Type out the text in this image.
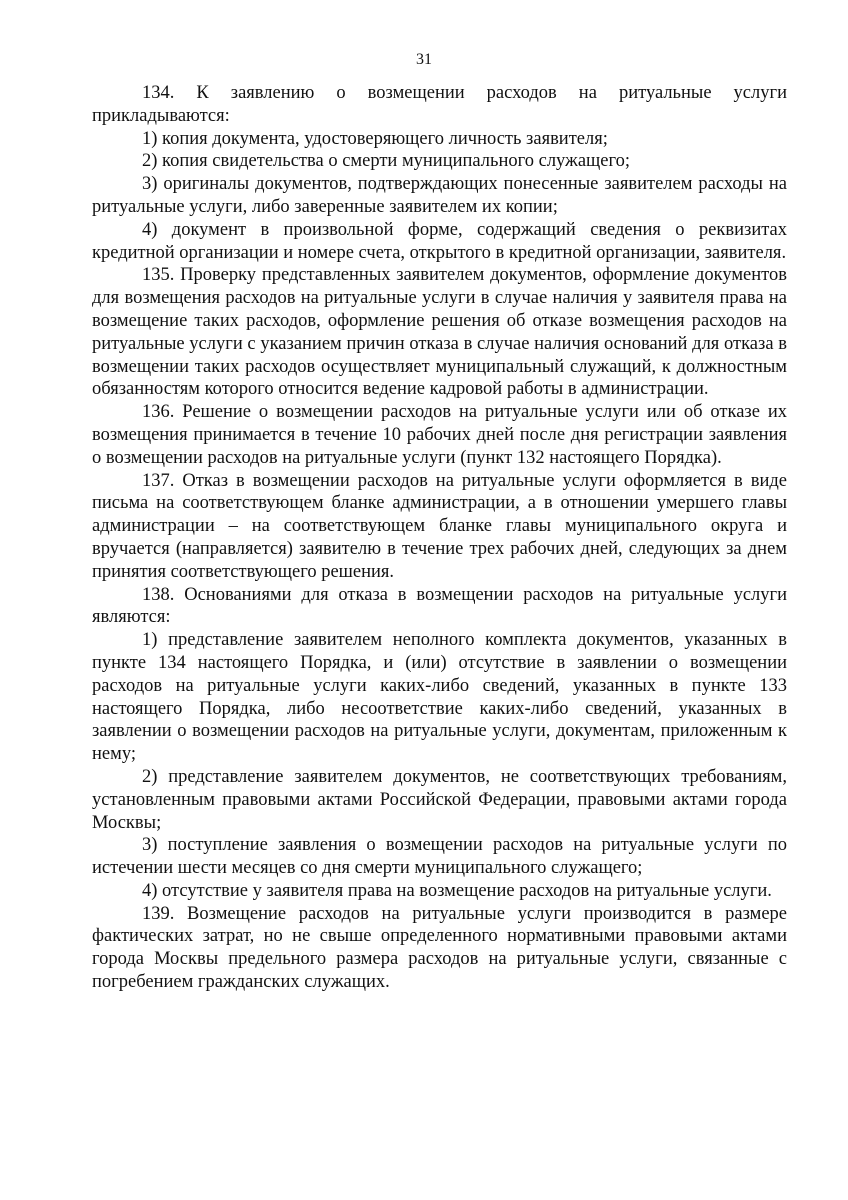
31

134. К заявлению о возмещении расходов на ритуальные услуги прикладываются:

1) копия документа, удостоверяющего личность заявителя;

2) копия свидетельства о смерти муниципального служащего;

3) оригиналы документов, подтверждающих понесенные заявителем расходы на ритуальные услуги, либо заверенные заявителем их копии;

4) документ в произвольной форме, содержащий сведения о реквизитах кредитной организации и номере счета, открытого в кредитной организации, заявителя.

135. Проверку представленных заявителем документов, оформление документов для возмещения расходов на ритуальные услуги в случае наличия у заявителя права на возмещение таких расходов, оформление решения об отказе возмещения расходов на ритуальные услуги с указанием причин отказа в случае наличия оснований для отказа в возмещении таких расходов осуществляет муниципальный служащий, к должностным обязанностям которого относится ведение кадровой работы в администрации.

136. Решение о возмещении расходов на ритуальные услуги или об отказе их возмещения принимается в течение 10 рабочих дней после дня регистрации заявления о возмещении расходов на ритуальные услуги (пункт 132 настоящего Порядка).

137. Отказ в возмещении расходов на ритуальные услуги оформляется в виде письма на соответствующем бланке администрации, а в отношении умершего главы администрации – на соответствующем бланке главы муниципального округа и вручается (направляется) заявителю в течение трех рабочих дней, следующих за днем принятия соответствующего решения.

138. Основаниями для отказа в возмещении расходов на ритуальные услуги являются:

1) представление заявителем неполного комплекта документов, указанных в пункте 134 настоящего Порядка, и (или) отсутствие в заявлении о возмещении расходов на ритуальные услуги каких-либо сведений, указанных в пункте 133 настоящего Порядка, либо несоответствие каких-либо сведений, указанных в заявлении о возмещении расходов на ритуальные услуги, документам, приложенным к нему;

2) представление заявителем документов, не соответствующих требованиям, установленным правовыми актами Российской Федерации, правовыми актами города Москвы;

3) поступление заявления о возмещении расходов на ритуальные услуги по истечении шести месяцев со дня смерти муниципального служащего;

4) отсутствие у заявителя права на возмещение расходов на ритуальные услуги.

139. Возмещение расходов на ритуальные услуги производится в размере фактических затрат, но не свыше определенного нормативными правовыми актами города Москвы предельного размера расходов на ритуальные услуги, связанные с погребением гражданских служащих.
